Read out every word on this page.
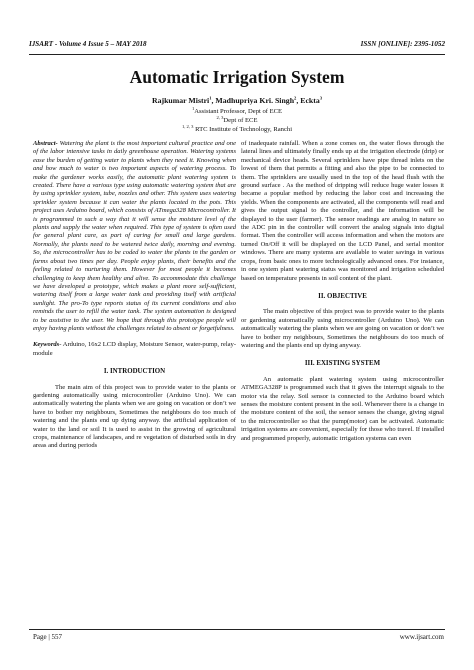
IJSART - Volume 4 Issue 5 – MAY 2018	ISSN [ONLINE]: 2395-1052
Automatic Irrigation System
Rajkumar Mistri$^1$, Madhupriya Kri. Singh$^2$, Eckta$^3$
$^1$Assistant Professor, Dept of ECE
$^{2, 3}$Dept of ECE
$^{1, 2, 3}$ RTC Institute of Technology, Ranchi

Abstract- Watering the plant is the most important cultural practice and one of the labor intensive tasks in daily greenhouse operation. Watering systems ease the burden of getting water to plants when they need it. Knowing when and how much to water is two important aspects of watering process. To make the gardener works easily, the automatic plant watering system is created. There have a various type using automatic watering system that are by using sprinkler system, tube, nozzles and other. This system uses watering sprinkler system because it can water the plants located in the pots. This project uses Arduino board, which consists of ATmega328 Microcontroller. It is programmed in such a way that it will sense the moisture level of the plants and supply the water when required. This type of system is often used for general plant care, as part of caring for small and large gardens. Normally, the plants need to be watered twice daily, morning and evening. So, the microcontroller has to be coded to water the plants in the garden or farms about two times per day. People enjoy plants, their benefits and the feeling related to nurturing them. However for most people it becomes challenging to keep them healthy and alive. To accommodate this challenge we have developed a prototype, which makes a plant more self-sufficient, watering itself from a large water tank and providing itself with artificial sunlight. The pro-To type reports status of its current conditions and also reminds the user to refill the water tank. The system automation is designed to be assistive to the user. We hope that through this prototype people will enjoy having plants without the challenges related to absent or forgetfulness.

Keywords- Arduino, 16x2 LCD display, Moisture Sensor, water-pump, relay-module

I. INTRODUCTION

The main aim of this project was to provide water to the plants or gardening automatically using microcontroller (Arduino Uno). We can automatically watering the plants when we are going on vacation or don’t we have to bother my neighbours, Sometimes the neighbours do too much of watering and the plants end up dying anyway. the artificial application of water to the land or soil It is used to assist in the growing of agricultural crops, maintenance of landscapes, and re vegetation of disturbed soils in dry areas and during periods

of inadequate rainfall. When a zone comes on, the water flows through the lateral lines and ultimately finally ends up at the irrigation electrode (drip) or mechanical device heads. Several sprinklers have pipe thread inlets on the lowest of them that permits a fitting and also the pipe to be connected to them. The sprinklers are usually used in the top of the head flush with the ground surface . As the method of dripping will reduce huge water losses it became a popular method by reducing the labor cost and increasing the yields. When the components are activated, all the components will read and gives the output signal to the controller, and the information will be displayed to the user (farmer). The sensor readings are analog in nature so the ADC pin in the controller will convert the analog signals into digital format. Then the controller will access information and when the motors are turned On/Off it will be displayed on the LCD Panel, and serial monitor windows. There are many systems are available to water savings in various crops, from basic ones to more technologically advanced ones. For instance, in one system plant watering status was monitored and irrigation scheduled based on temperature presents in soil content of the plant.

II. OBJECTIVE

The main objective of this project was to provide water to the plants or gardening automatically using microcontroller (Arduino Uno). We can automatically watering the plants when we are going on vacation or don’t we have to bother my neighbours, Sometimes the neighbours do too much of watering and the plants end up dying anyway.

III. EXISTING SYSTEM

An automatic plant watering system using microcontroller ATMEGA328P is programmed such that it gives the interrupt signals to the motor via the relay. Soil sensor is connected to the Arduino board which senses the moisture content present in the soil. Whenever there is a change in the moisture content of the soil, the sensor senses the change, giving signal to the microcontroller so that the pump(motor) can be activated. Automatic irrigation systems are convenient, especially for those who travel. If installed and programmed properly, automatic irrigation systems can even

Page | 557	www.ijsart.com
